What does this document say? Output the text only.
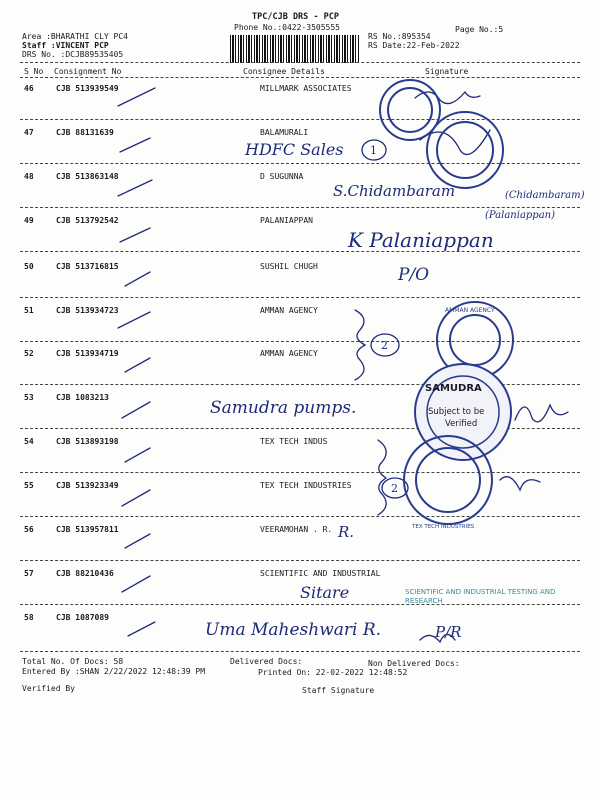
TPC/CJB DRS - PCP
Phone No.:0422-3505555
Area :BHARATHI CLY PC4
Staff :VINCENT PCP
DRS No. :DCJB89535405
RS No.:895354
Page No.:5
RS Date:22-Feb-2022
S No Consignment No	Consignee Details	Signature
46	CJB 513939549	MILLMARK ASSOCIATES
47	CJB 88131639	BALAMURALI
48	CJB 513863148	D SUGUNNA
49	CJB 513792542	PALANIAPPAN
50	CJB 513716815	SUSHIL CHUGH
51	CJB 513934723	AMMAN AGENCY
52	CJB 513934719	AMMAN AGENCY
53	CJB 1083213
54	CJB 513893198	TEX TECH INDUS
55	CJB 513923349	TEX TECH INDUSTRIES
56	CJB 513957811	VEERAMOHAN . R.
57	CJB 88210436	SCIENTIFIC AND INDUSTRIAL
58	CJB 1087089
1
2
2
SAMUDRA
Subject to be
Verified
AMMAN AGENCY
TEX TECH INDUSTRIES
SCIENTIFIC AND INDUSTRIAL TESTING AND RESEARCH
HDFC Sales
S.Chidambaram	(Chidambaram)
(Palaniappan)
K Palaniappan
P/O
Samudra pumps.
R.
Sitare
Uma Maheshwari R.	P/R
Total No. Of Docs: 58	Delivered Docs:	Non Delivered Docs:
Entered By :SHAN 2/22/2022 12:48:39 PM	Printed On: 22-02-2022 12:48:52
Verified By	Staff Signature
